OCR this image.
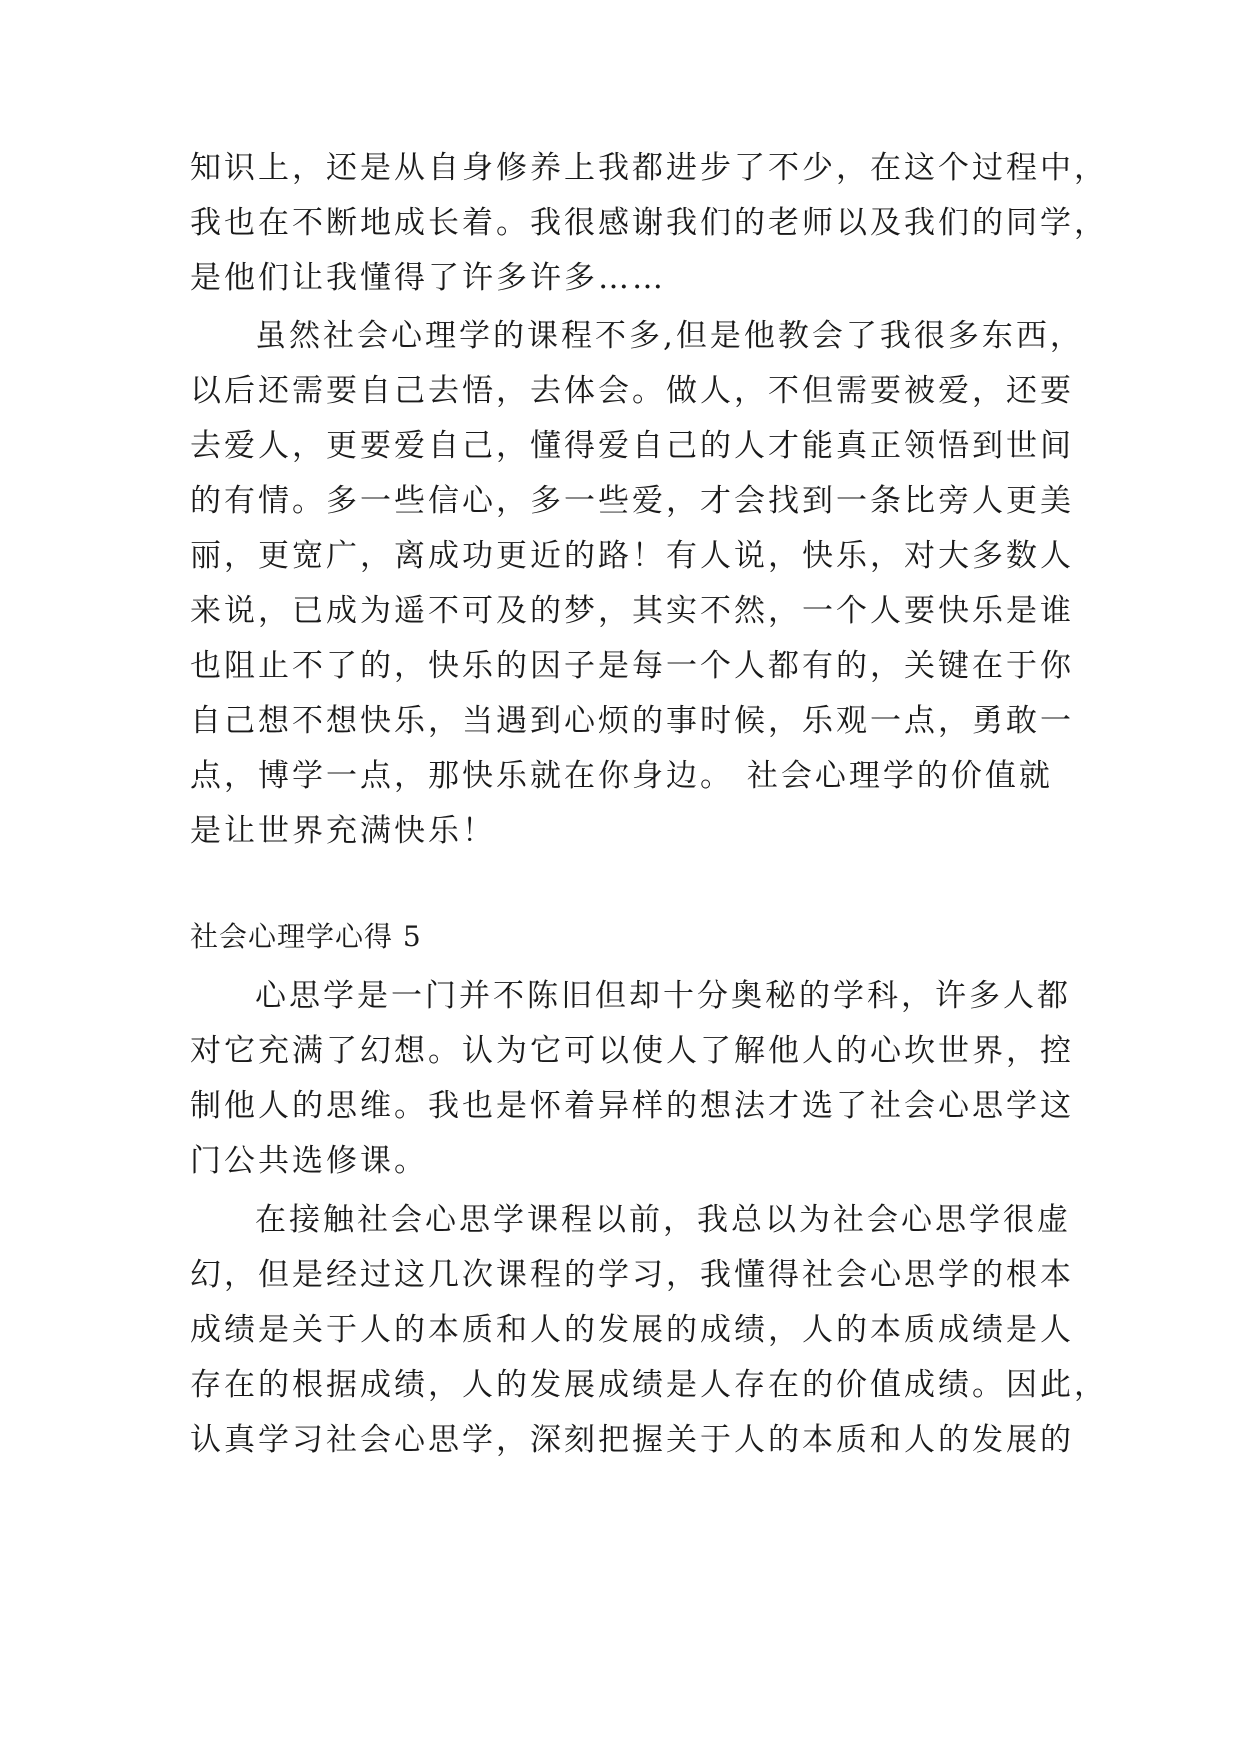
知识上，还是从自身修养上我都进步了不少，在这个过程中，
我也在不断地成长着。我很感谢我们的老师以及我们的同学，
是他们让我懂得了许多许多……
虽然社会心理学的课程不多,但是他教会了我很多东西，
以后还需要自己去悟，去体会。做人，不但需要被爱，还要
去爱人，更要爱自己，懂得爱自己的人才能真正领悟到世间
的有情。多一些信心，多一些爱，才会找到一条比旁人更美
丽，更宽广，离成功更近的路！有人说，快乐，对大多数人
来说，已成为遥不可及的梦，其实不然，一个人要快乐是谁
也阻止不了的，快乐的因子是每一个人都有的，关键在于你
自己想不想快乐，当遇到心烦的事时候，乐观一点，勇敢一
点，博学一点，那快乐就在你身边。 社会心理学的价值就
是让世界充满快乐！
社会心理学心得 5
心思学是一门并不陈旧但却十分奥秘的学科，许多人都
对它充满了幻想。认为它可以使人了解他人的心坎世界，控
制他人的思维。我也是怀着异样的想法才选了社会心思学这
门公共选修课。
在接触社会心思学课程以前，我总以为社会心思学很虚
幻，但是经过这几次课程的学习，我懂得社会心思学的根本
成绩是关于人的本质和人的发展的成绩，人的本质成绩是人
存在的根据成绩，人的发展成绩是人存在的价值成绩。因此，
认真学习社会心思学，深刻把握关于人的本质和人的发展的
